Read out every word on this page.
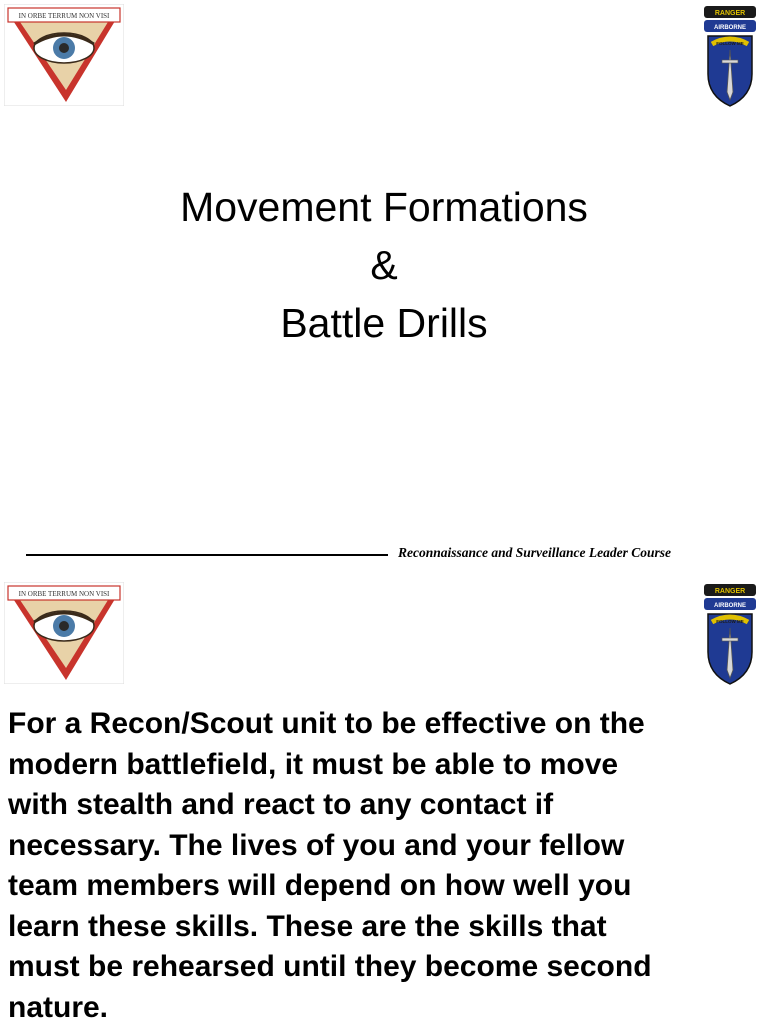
IN ORBE TERRUM NON VISI	RANGER
AIRBORNE
FOLLOW ME
Movement Formations
&
Battle Drills
Reconnaissance and Surveillance Leader Course
IN ORBE TERRUM NON VISI	RANGER
AIRBORNE
FOLLOW ME
For a Recon/Scout unit to be effective on the
modern battlefield, it must be able to move
with stealth and react to any contact if
necessary. The lives of you and your fellow
team members will depend on how well you
learn these skills. These are the skills that
must be rehearsed until they become second
nature.
